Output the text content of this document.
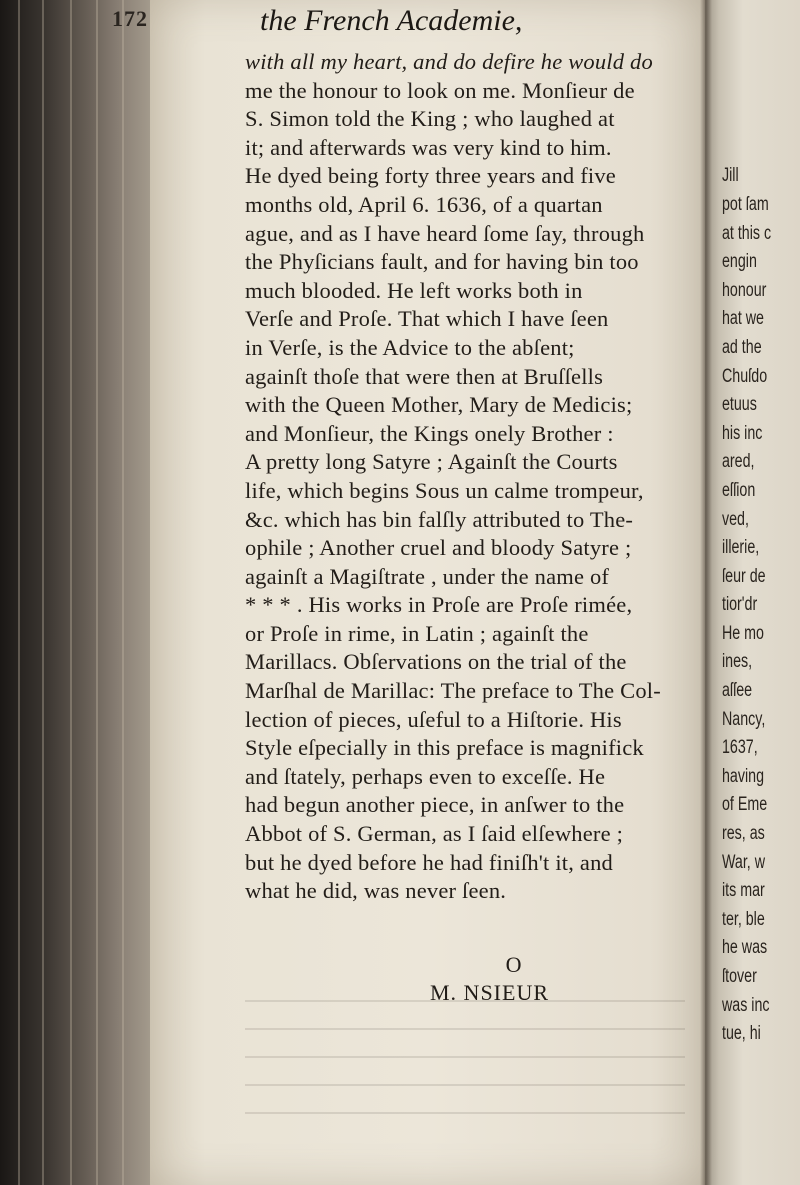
172	the French Academie,
with all my heart, and do defire he would do
me the honour to look on me. Monſieur de
S. Simon told the King ; who laughed at
it; and afterwards was very kind to him.
He dyed being forty three years and five
months old, April 6. 1636, of a quartan
ague, and as I have heard ſome ſay, through
the Phyſicians fault, and for having bin too
much blooded. He left works both in
Verſe and Proſe. That which I have ſeen
in Verſe, is the Advice to the abſent;
againſt thoſe that were then at Bruſſells
with the Queen Mother, Mary de Medicis;
and Monſieur, the Kings onely Brother :
A pretty long Satyre ; Againſt the Courts
life, which begins Sous un calme trompeur,
&c. which has bin falſly attributed to The-
ophile ; Another cruel and bloody Satyre ;
againſt a Magiſtrate , under the name of
* * * . His works in Proſe are Proſe rimée,
or Proſe in rime, in Latin ; againſt the
Marillacs. Obſervations on the trial of the
Marſhal de Marillac: The preface to The Col-
lection of pieces, uſeful to a Hiſtorie. His
Style eſpecially in this preface is magnifick
and ſtately, perhaps even to exceſſe. He
had begun another piece, in anſwer to the
Abbot of S. German, as I ſaid elſewhere ;
but he dyed before he had finiſh't it, and
what he did, was never ſeen.
O
M. NSIEUR

Jill
pot ſam
at this c
engin
honour
hat we
ad the
Chuſdo
etuus
his inc
ared,
eſſion
ved,
illerie,
ſeur de
tior'dr
He mo
ines,
aſſee
Nancy,
1637,
having
of Eme
res, as
War, w
its mar
ter, ble
he was
ſtover
was inc
tue, hi
